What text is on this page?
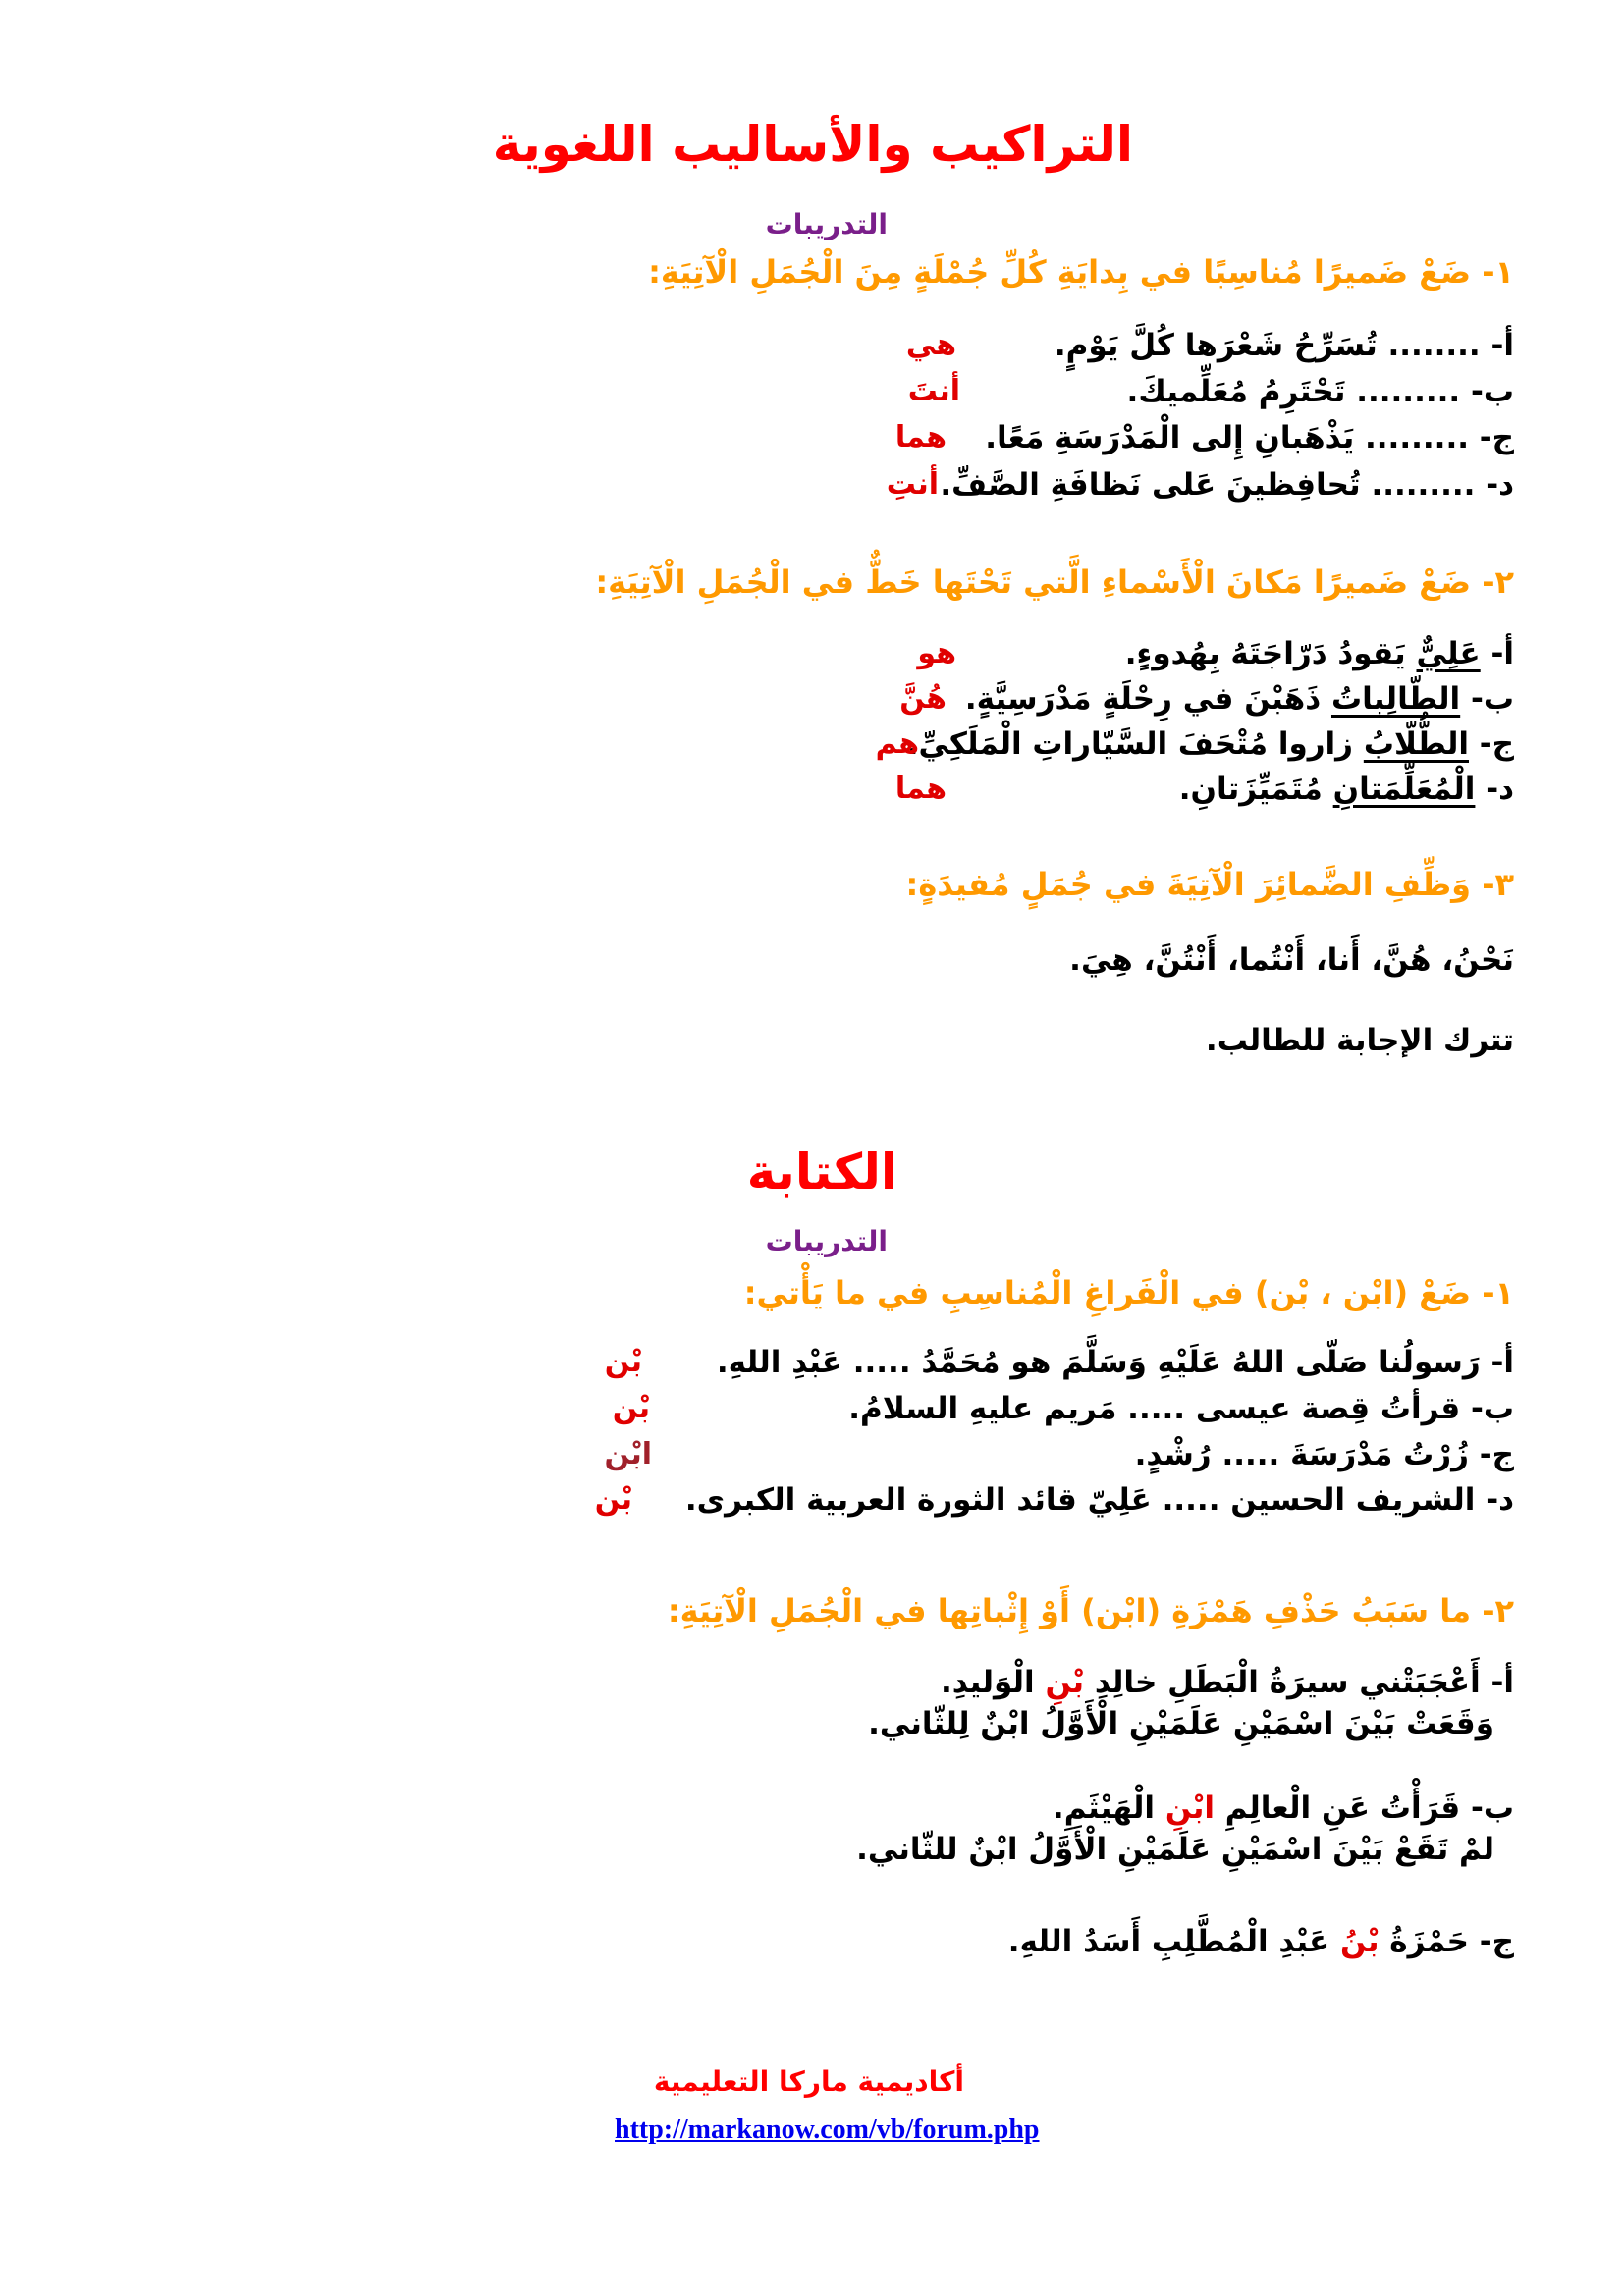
التراكيب والأساليب اللغوية
التدريبات
١- ضَعْ ضَميرًا مُناسِبًا في بِدايَةِ كُلِّ جُمْلَةٍ مِنَ الْجُمَلِ الْآتِيَةِ:
أ- ........ تُسَرِّحُ شَعْرَها كُلَّ يَوْمٍ.
هي
ب- ......... تَحْتَرِمُ مُعَلِّميكَ.
أنتَ
ج- ......... يَذْهَبانِ إِلى الْمَدْرَسَةِ مَعًا.
هما
د- ......... تُحافِظينَ عَلى نَظافَةِ الصَّفِّ.
أنتِ
٢- ضَعْ ضَميرًا مَكانَ الْأَسْماءِ الَّتي تَحْتَها خَطٌّ في الْجُمَلِ الْآتِيَةِ:
أ- عَلِيٌّ يَقودُ دَرّاجَتَهُ بِهُدوءٍ.
هو
ب- الطّالِباتُ ذَهَبْنَ في رِحْلَةٍ مَدْرَسِيَّةٍ.
هُنَّ
ج- الطُّلّابُ زاروا مُتْحَفَ السَّيّاراتِ الْمَلَكِيِّ.
هم
د- الْمُعَلِّمَتانِ مُتَمَيِّزَتانِ.
هما
٣- وَظِّفِ الضَّمائِرَ الْآتِيَةَ في جُمَلٍ مُفيدَةٍ:
نَحْنُ، هُنَّ، أَنا، أَنْتُما، أَنْتُنَّ، هِيَ.
تترك الإجابة للطالب.
الكتابة
التدريبات
١- ضَعْ (ابْن ، بْن) في الْفَراغِ الْمُناسِبِ في ما يَأْتي:
أ- رَسولُنا صَلّى اللهُ عَلَيْهِ وَسَلَّمَ هو مُحَمَّدُ ..... عَبْدِ اللهِ.
بْن
ب- قرأتُ قِصة عيسى ..... مَريم عليهِ السلامُ.
بْن
ج- زُرْتُ مَدْرَسَةَ ..... رُشْدٍ.
ابْن
د- الشريف الحسين ..... عَلِيّ قائد الثورة العربية الكبرى.
بْن
٢- ما سَبَبُ حَذْفِ هَمْزَةِ (ابْن) أَوْ إِثْباتِها في الْجُمَلِ الْآتِيَةِ:
أ- أَعْجَبَتْني سيرَةُ الْبَطَلِ خالِدِ بْنِ الْوَليدِ.
وَقَعَتْ بَيْنَ اسْمَيْنِ عَلَمَيْنِ الْأَوَّلُ ابْنٌ لِلثّاني.
ب- قَرَأْتُ عَنِ الْعالِمِ ابْنِ الْهَيْثَمِ.
لمْ تَقَعْ بَيْنَ اسْمَيْنِ عَلَمَيْنِ الْأَوَّلُ ابْنٌ للثّاني.
ج- حَمْزَةُ بْنُ عَبْدِ الْمُطَّلِبِ أَسَدُ اللهِ.
أكاديمية ماركا التعليمية
http://markanow.com/vb/forum.php
